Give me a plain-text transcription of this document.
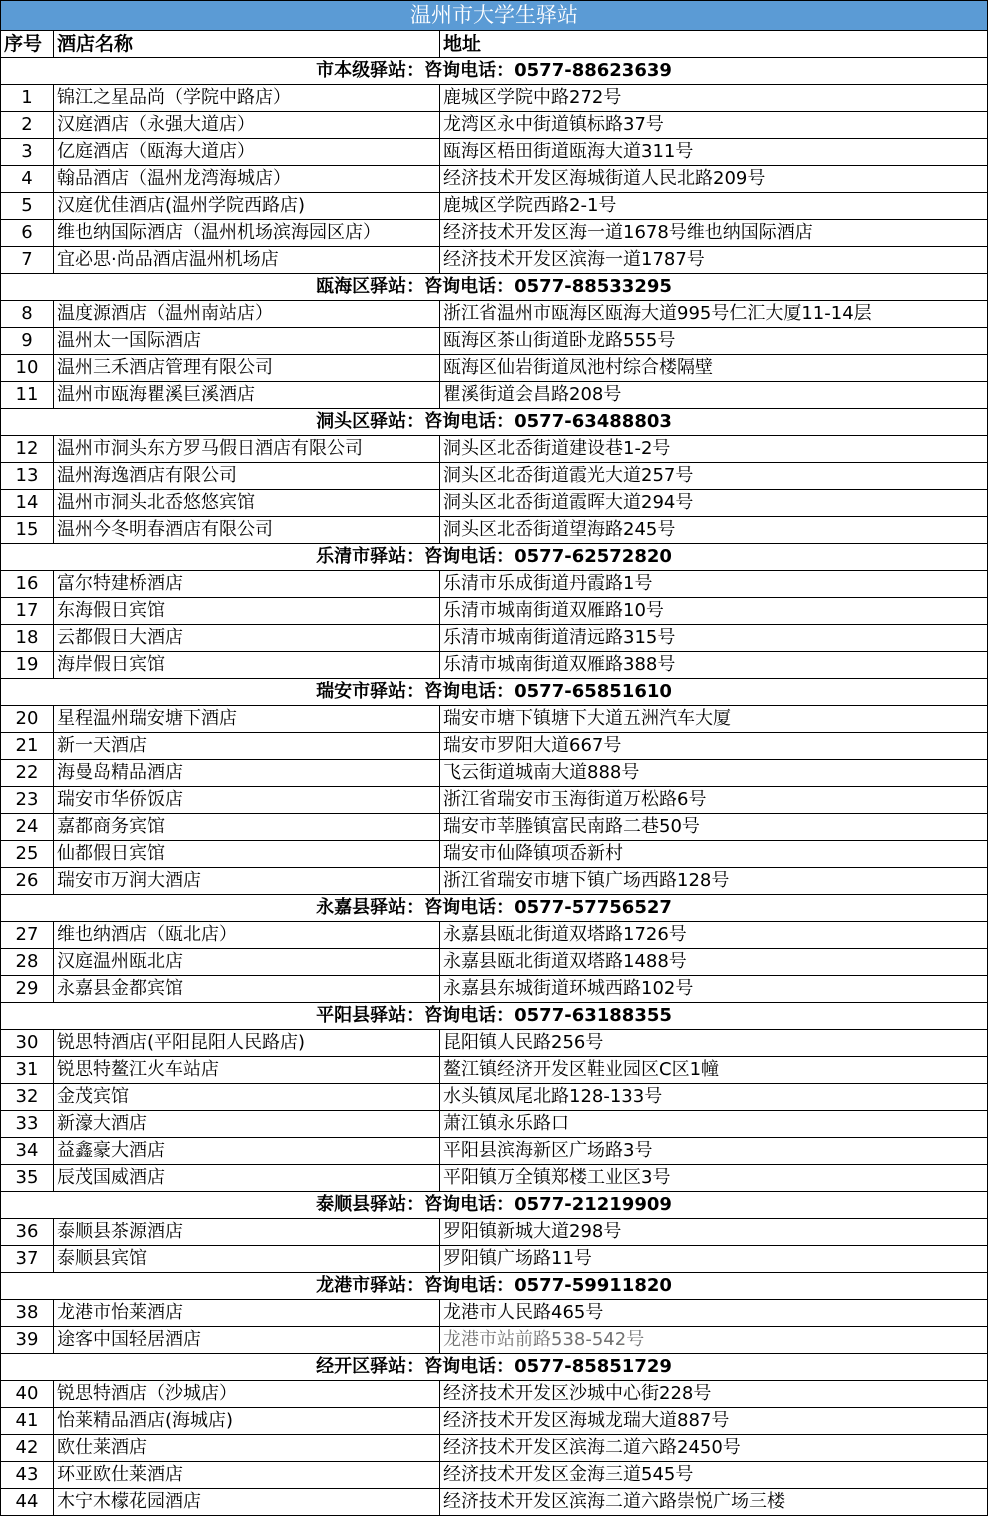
温州市大学生驿站		
序号	酒店名称	地址
市本级驿站：咨询电话：0577-88623639		
1	锦江之星品尚（学院中路店）	鹿城区学院中路272号
2	汉庭酒店（永强大道店）	龙湾区永中街道镇标路37号
3	亿庭酒店（瓯海大道店）	瓯海区梧田街道瓯海大道311号
4	翰品酒店（温州龙湾海城店）	经济技术开发区海城街道人民北路209号
5	汉庭优佳酒店(温州学院西路店)	鹿城区学院西路2-1号
6	维也纳国际酒店（温州机场滨海园区店）	经济技术开发区海一道1678号维也纳国际酒店
7	宜必思·尚品酒店温州机场店	经济技术开发区滨海一道1787号
瓯海区驿站：咨询电话：0577-88533295		
8	温度源酒店（温州南站店）	浙江省温州市瓯海区瓯海大道995号仁汇大厦11-14层
9	温州太一国际酒店	瓯海区茶山街道卧龙路555号
10	温州三禾酒店管理有限公司	瓯海区仙岩街道凤池村综合楼隔壁
11	温州市瓯海瞿溪巨溪酒店	瞿溪街道会昌路208号
洞头区驿站：咨询电话：0577-63488803		
12	温州市洞头东方罗马假日酒店有限公司	洞头区北岙街道建设巷1-2号
13	温州海逸酒店有限公司	洞头区北岙街道霞光大道257号
14	温州市洞头北岙悠悠宾馆	洞头区北岙街道霞晖大道294号
15	温州今冬明春酒店有限公司	洞头区北岙街道望海路245号
乐清市驿站：咨询电话：0577-62572820		
16	富尔特建桥酒店	乐清市乐成街道丹霞路1号
17	东海假日宾馆	乐清市城南街道双雁路10号
18	云都假日大酒店	乐清市城南街道清远路315号
19	海岸假日宾馆	乐清市城南街道双雁路388号
瑞安市驿站：咨询电话：0577-65851610		
20	星程温州瑞安塘下酒店	瑞安市塘下镇塘下大道五洲汽车大厦
21	新一天酒店	瑞安市罗阳大道667号
22	海曼岛精品酒店	飞云街道城南大道888号
23	瑞安市华侨饭店	浙江省瑞安市玉海街道万松路6号
24	嘉都商务宾馆	瑞安市莘塍镇富民南路二巷50号
25	仙都假日宾馆	瑞安市仙降镇项岙新村
26	瑞安市万润大酒店	浙江省瑞安市塘下镇广场西路128号
永嘉县驿站：咨询电话：0577-57756527		
27	维也纳酒店（瓯北店）	永嘉县瓯北街道双塔路1726号
28	汉庭温州瓯北店	永嘉县瓯北街道双塔路1488号
29	永嘉县金都宾馆	永嘉县东城街道环城西路102号
平阳县驿站：咨询电话：0577-63188355		
30	锐思特酒店(平阳昆阳人民路店)	昆阳镇人民路256号
31	锐思特鳌江火车站店	鳌江镇经济开发区鞋业园区C区1幢
32	金茂宾馆	水头镇凤尾北路128-133号
33	新濠大酒店	萧江镇永乐路口
34	益鑫豪大酒店	平阳县滨海新区广场路3号
35	辰茂国威酒店	平阳镇万全镇郑楼工业区3号
泰顺县驿站：咨询电话：0577-21219909		
36	泰顺县茶源酒店	罗阳镇新城大道298号
37	泰顺县宾馆	罗阳镇广场路11号
龙港市驿站：咨询电话：0577-59911820		
38	龙港市怡莱酒店	龙港市人民路465号
39	途客中国轻居酒店	龙港市站前路538-542号
经开区驿站：咨询电话：0577-85851729		
40	锐思特酒店（沙城店）	经济技术开发区沙城中心街228号
41	怡莱精品酒店(海城店)	经济技术开发区海城龙瑞大道887号
42	欧仕莱酒店	经济技术开发区滨海二道六路2450号
43	环亚欧仕莱酒店	经济技术开发区金海三道545号
44	木宁木檬花园酒店	经济技术开发区滨海二道六路崇悦广场三楼
